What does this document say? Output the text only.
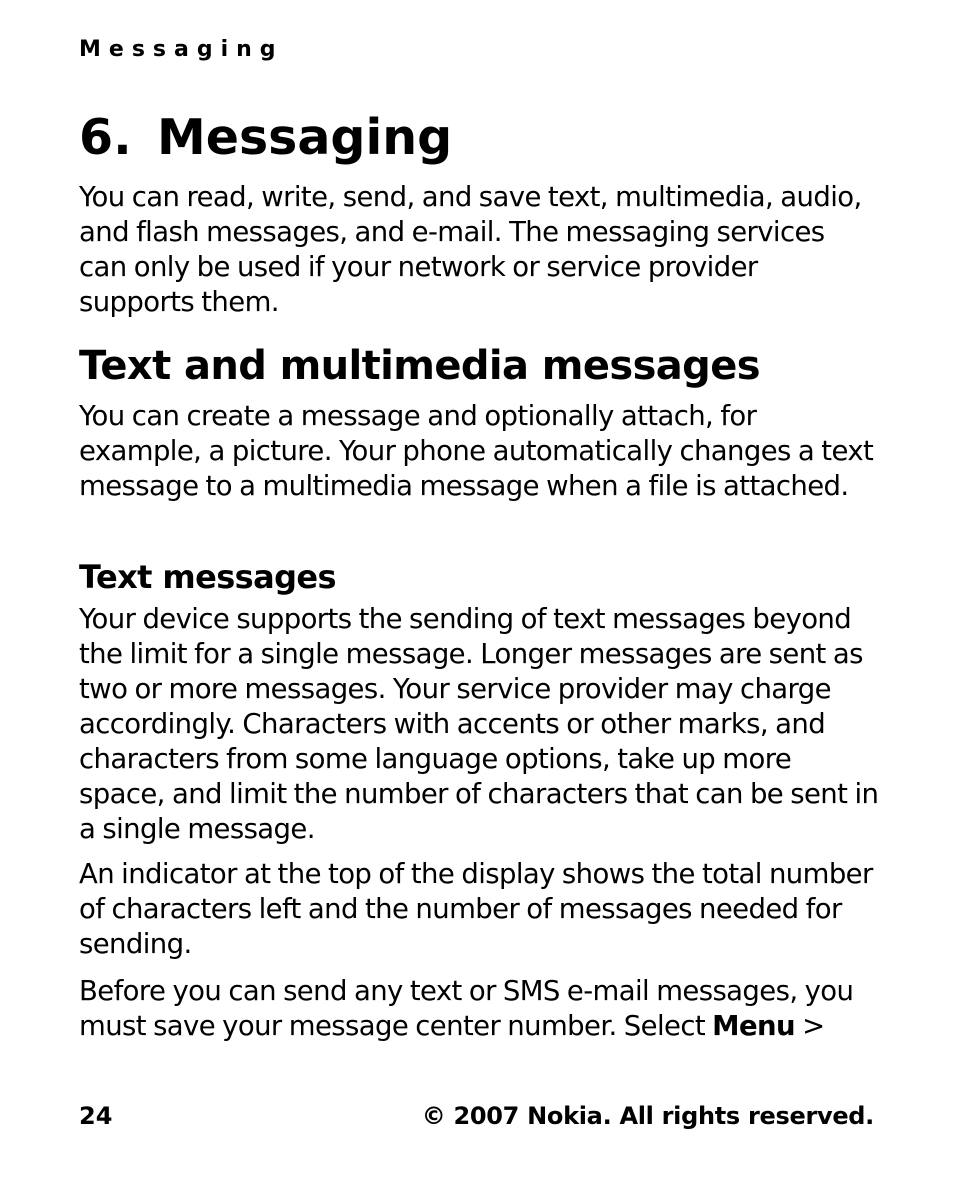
Messaging
6. Messaging

You can read, write, send, and save text, multimedia, audio, and flash messages, and e-mail. The messaging services can only be used if your network or service provider supports them.

Text and multimedia messages

You can create a message and optionally attach, for example, a picture. Your phone automatically changes a text message to a multimedia message when a file is attached.

Text messages

Your device supports the sending of text messages beyond the limit for a single message. Longer messages are sent as two or more messages. Your service provider may charge accordingly. Characters with accents or other marks, and characters from some language options, take up more space, and limit the number of characters that can be sent in a single message.

An indicator at the top of the display shows the total number of characters left and the number of messages needed for sending.

Before you can send any text or SMS e-mail messages, you must save your message center number. Select Menu >

24	© 2007 Nokia. All rights reserved.
